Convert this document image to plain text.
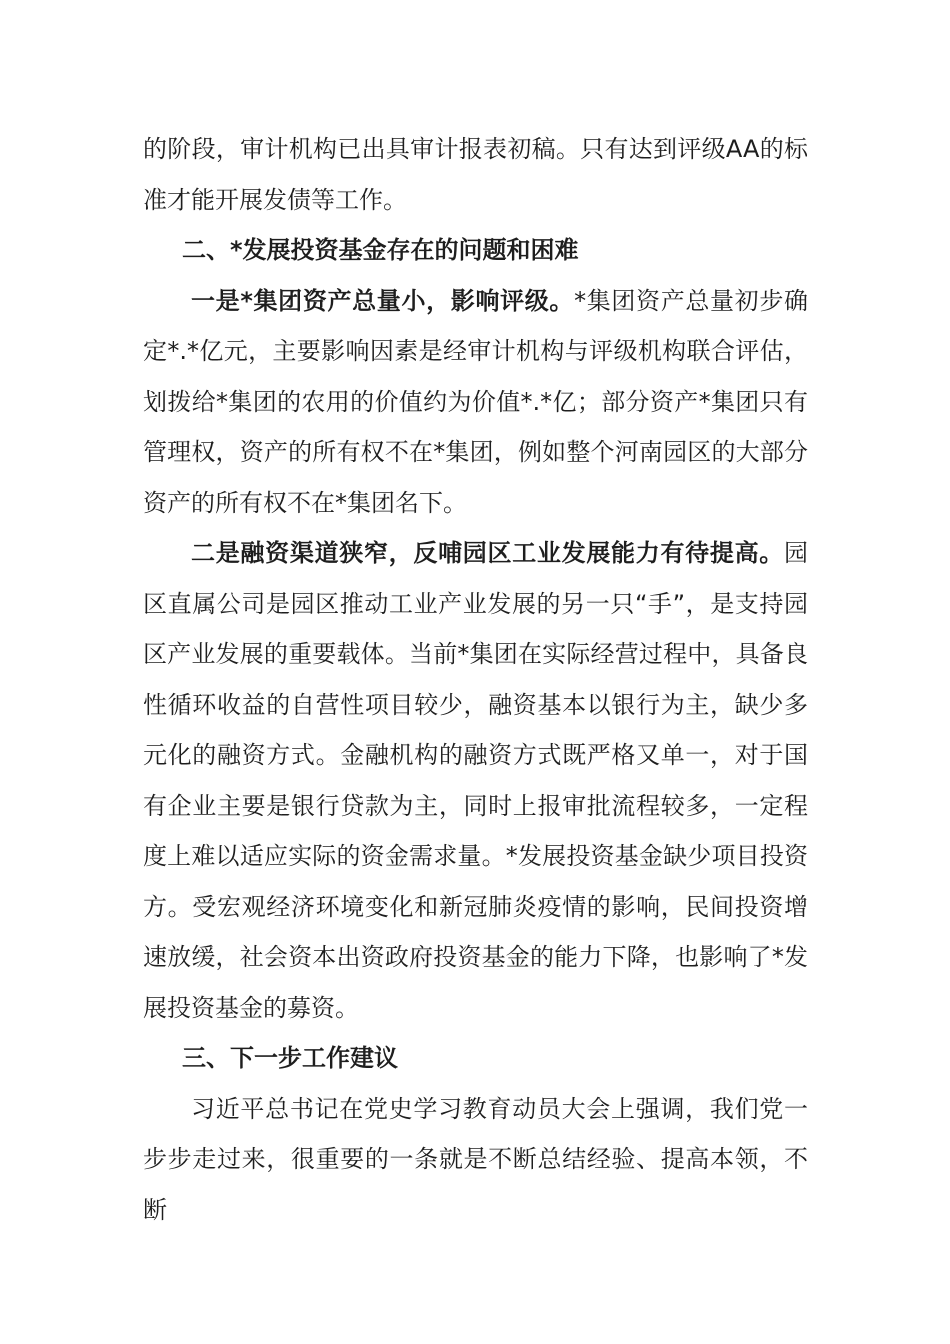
的阶段，审计机构已出具审计报表初稿。只有达到评级AA的标准才能开展发债等工作。

二、*发展投资基金存在的问题和困难

一是*集团资产总量小，影响评级。*集团资产总量初步确定*.*亿元，主要影响因素是经审计机构与评级机构联合评估，划拨给*集团的农用的价值约为价值*.*亿；部分资产*集团只有管理权，资产的所有权不在*集团，例如整个河南园区的大部分资产的所有权不在*集团名下。

二是融资渠道狭窄，反哺园区工业发展能力有待提高。园区直属公司是园区推动工业产业发展的另一只“手”，是支持园区产业发展的重要载体。当前*集团在实际经营过程中，具备良性循环收益的自营性项目较少，融资基本以银行为主，缺少多元化的融资方式。金融机构的融资方式既严格又单一，对于国有企业主要是银行贷款为主，同时上报审批流程较多，一定程度上难以适应实际的资金需求量。*发展投资基金缺少项目投资方。受宏观经济环境变化和新冠肺炎疫情的影响，民间投资增速放缓，社会资本出资政府投资基金的能力下降，也影响了*发展投资基金的募资。

三、下一步工作建议

习近平总书记在党史学习教育动员大会上强调，我们党一步步走过来，很重要的一条就是不断总结经验、提高本领，不断
